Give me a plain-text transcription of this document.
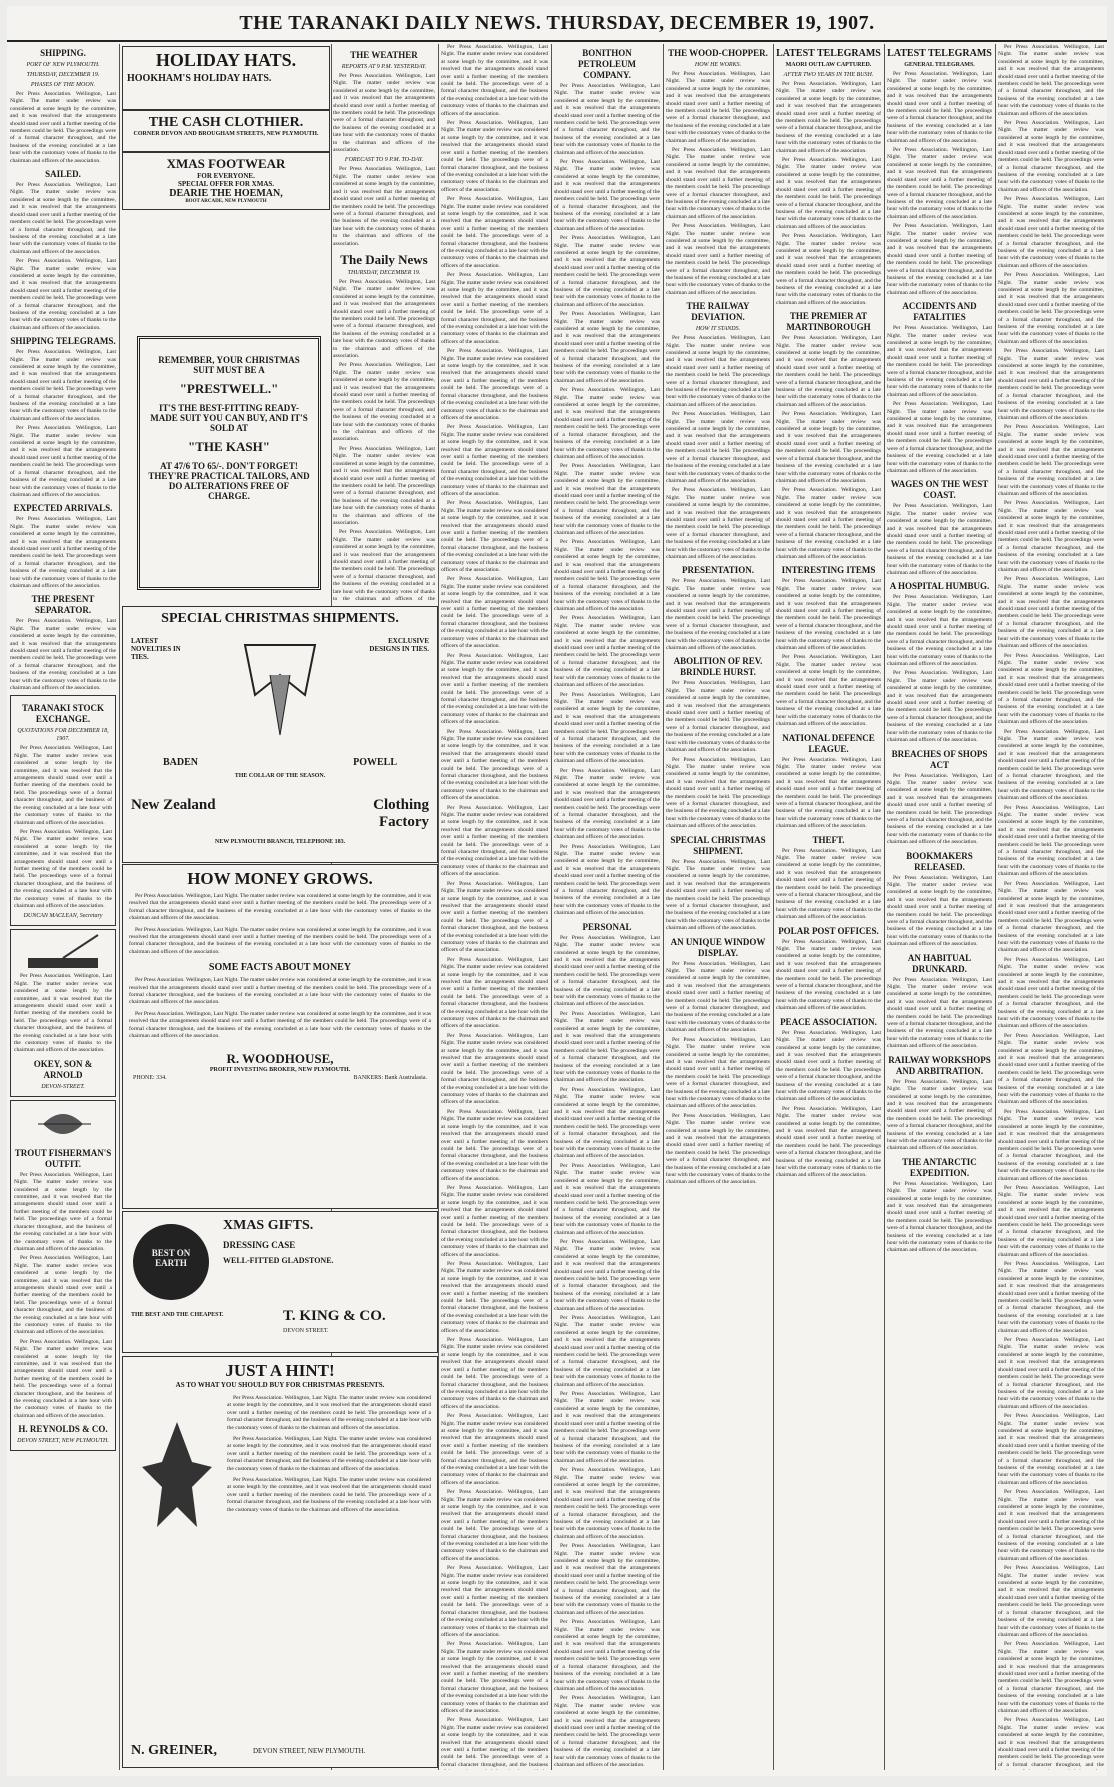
THE TARANAKI DAILY NEWS. THURSDAY, DECEMBER 19, 1907.
SHIPPING.
PORT OF NEW PLYMOUTH.
THURSDAY, DECEMBER 19.
PHASES OF THE MOON.

Per Press Association. Wellington, Last Night. The matter under review was considered at some length by the committee, and it was resolved that the arrangements should stand over until a further meeting of the members could be held. The proceedings were of a formal character throughout, and the business of the evening concluded at a late hour with the customary votes of thanks to the chairman and officers of the association.

SAILED.

Per Press Association. Wellington, Last Night. The matter under review was considered at some length by the committee, and it was resolved that the arrangements should stand over until a further meeting of the members could be held. The proceedings were of a formal character throughout, and the business of the evening concluded at a late hour with the customary votes of thanks to the chairman and officers of the association.

Per Press Association. Wellington, Last Night. The matter under review was considered at some length by the committee, and it was resolved that the arrangements should stand over until a further meeting of the members could be held. The proceedings were of a formal character throughout, and the business of the evening concluded at a late hour with the customary votes of thanks to the chairman and officers of the association.

SHIPPING TELEGRAMS.

Per Press Association. Wellington, Last Night. The matter under review was considered at some length by the committee, and it was resolved that the arrangements should stand over until a further meeting of the members could be held. The proceedings were of a formal character throughout, and the business of the evening concluded at a late hour with the customary votes of thanks to the chairman and officers of the association.

Per Press Association. Wellington, Last Night. The matter under review was considered at some length by the committee, and it was resolved that the arrangements should stand over until a further meeting of the members could be held. The proceedings were of a formal character throughout, and the business of the evening concluded at a late hour with the customary votes of thanks to the chairman and officers of the association.

EXPECTED ARRIVALS.

Per Press Association. Wellington, Last Night. The matter under review was considered at some length by the committee, and it was resolved that the arrangements should stand over until a further meeting of the members could be held. The proceedings were of a formal character throughout, and the business of the evening concluded at a late hour with the customary votes of thanks to the chairman and officers of the association.

THE PRESENT SEPARATOR.

Per Press Association. Wellington, Last Night. The matter under review was considered at some length by the committee, and it was resolved that the arrangements should stand over until a further meeting of the members could be held. The proceedings were of a formal character throughout, and the business of the evening concluded at a late hour with the customary votes of thanks to the chairman and officers of the association.

TARANAKI STOCK EXCHANGE.
QUOTATIONS FOR DECEMBER 18, 1907.

Per Press Association. Wellington, Last Night. The matter under review was considered at some length by the committee, and it was resolved that the arrangements should stand over until a further meeting of the members could be held. The proceedings were of a formal character throughout, and the business of the evening concluded at a late hour with the customary votes of thanks to the chairman and officers of the association.

Per Press Association. Wellington, Last Night. The matter under review was considered at some length by the committee, and it was resolved that the arrangements should stand over until a further meeting of the members could be held. The proceedings were of a formal character throughout, and the business of the evening concluded at a late hour with the customary votes of thanks to the chairman and officers of the association.

DUNCAN MACLEAN, Secretary

Per Press Association. Wellington, Last Night. The matter under review was considered at some length by the committee, and it was resolved that the arrangements should stand over until a further meeting of the members could be held. The proceedings were of a formal character throughout, and the business of the evening concluded at a late hour with the customary votes of thanks to the chairman and officers of the association.

OKEY, SON & ARNOLD
DEVON-STREET.
TROUT FISHERMAN'S OUTFIT.

Per Press Association. Wellington, Last Night. The matter under review was considered at some length by the committee, and it was resolved that the arrangements should stand over until a further meeting of the members could be held. The proceedings were of a formal character throughout, and the business of the evening concluded at a late hour with the customary votes of thanks to the chairman and officers of the association.

Per Press Association. Wellington, Last Night. The matter under review was considered at some length by the committee, and it was resolved that the arrangements should stand over until a further meeting of the members could be held. The proceedings were of a formal character throughout, and the business of the evening concluded at a late hour with the customary votes of thanks to the chairman and officers of the association.

Per Press Association. Wellington, Last Night. The matter under review was considered at some length by the committee, and it was resolved that the arrangements should stand over until a further meeting of the members could be held. The proceedings were of a formal character throughout, and the business of the evening concluded at a late hour with the customary votes of thanks to the chairman and officers of the association.

H. REYNOLDS & CO.
DEVON STREET, NEW PLYMOUTH.
HOLIDAY HATS.
HOOKHAM'S HOLIDAY HATS.
THE CASH CLOTHIER.
CORNER DEVON AND BROUGHAM STREETS, NEW PLYMOUTH.
XMAS FOOTWEAR
FOR EVERYONE.
SPECIAL OFFER FOR XMAS.
DEARIE THE HOEMAN,
BOOT ARCADE, NEW PLYMOUTH
REMEMBER, YOUR CHRISTMAS SUIT MUST BE A
"PRESTWELL."
IT'S THE BEST-FITTING READY-MADE SUIT YOU CAN BUY, AND IT'S SOLD AT
"THE KASH"
AT 47/6 TO 65/-. DON'T FORGET! THEY'RE PRACTICAL TAILORS, AND DO ALTERATIONS FREE OF CHARGE.
SPECIAL CHRISTMAS SHIPMENTS.
LATEST NOVELTIES IN TIES.
EXCLUSIVE DESIGNS IN TIES.
BADEN	POWELL
THE COLLAR OF THE SEASON.
New Zealand	Clothing Factory
NEW PLYMOUTH BRANCH, TELEPHONE 183.
HOW MONEY GROWS.

Per Press Association. Wellington, Last Night. The matter under review was considered at some length by the committee, and it was resolved that the arrangements should stand over until a further meeting of the members could be held. The proceedings were of a formal character throughout, and the business of the evening concluded at a late hour with the customary votes of thanks to the chairman and officers of the association.

Per Press Association. Wellington, Last Night. The matter under review was considered at some length by the committee, and it was resolved that the arrangements should stand over until a further meeting of the members could be held. The proceedings were of a formal character throughout, and the business of the evening concluded at a late hour with the customary votes of thanks to the chairman and officers of the association.

SOME FACTS ABOUT MONEY

Per Press Association. Wellington, Last Night. The matter under review was considered at some length by the committee, and it was resolved that the arrangements should stand over until a further meeting of the members could be held. The proceedings were of a formal character throughout, and the business of the evening concluded at a late hour with the customary votes of thanks to the chairman and officers of the association.

Per Press Association. Wellington, Last Night. The matter under review was considered at some length by the committee, and it was resolved that the arrangements should stand over until a further meeting of the members could be held. The proceedings were of a formal character throughout, and the business of the evening concluded at a late hour with the customary votes of thanks to the chairman and officers of the association.

R. WOODHOUSE,
PROFIT INVESTING BROKER, NEW PLYMOUTH.
PHONE: 334.	BANKERS: Bank Australasia.
BEST ON EARTH
XMAS GIFTS.
DRESSING CASE
WELL-FITTED GLADSTONE.
THE BEST AND THE CHEAPEST.	T. KING & CO.
DEVON STREET.
JUST A HINT!
AS TO WHAT YOU SHOULD BUY FOR CHRISTMAS PRESENTS.

Per Press Association. Wellington, Last Night. The matter under review was considered at some length by the committee, and it was resolved that the arrangements should stand over until a further meeting of the members could be held. The proceedings were of a formal character throughout, and the business of the evening concluded at a late hour with the customary votes of thanks to the chairman and officers of the association.

Per Press Association. Wellington, Last Night. The matter under review was considered at some length by the committee, and it was resolved that the arrangements should stand over until a further meeting of the members could be held. The proceedings were of a formal character throughout, and the business of the evening concluded at a late hour with the customary votes of thanks to the chairman and officers of the association.

Per Press Association. Wellington, Last Night. The matter under review was considered at some length by the committee, and it was resolved that the arrangements should stand over until a further meeting of the members could be held. The proceedings were of a formal character throughout, and the business of the evening concluded at a late hour with the customary votes of thanks to the chairman and officers of the association.

N. GREINER,	DEVON STREET, NEW PLYMOUTH.
THE WEATHER
REPORTS AT 9 P.M. YESTERDAY.

Per Press Association. Wellington, Last Night. The matter under review was considered at some length by the committee, and it was resolved that the arrangements should stand over until a further meeting of the members could be held. The proceedings were of a formal character throughout, and the business of the evening concluded at a late hour with the customary votes of thanks to the chairman and officers of the association.

FORECAST TO 9 P.M. TO-DAY.

Per Press Association. Wellington, Last Night. The matter under review was considered at some length by the committee, and it was resolved that the arrangements should stand over until a further meeting of the members could be held. The proceedings were of a formal character throughout, and the business of the evening concluded at a late hour with the customary votes of thanks to the chairman and officers of the association.

The Daily News
THURSDAY, DECEMBER 19.

Per Press Association. Wellington, Last Night. The matter under review was considered at some length by the committee, and it was resolved that the arrangements should stand over until a further meeting of the members could be held. The proceedings were of a formal character throughout, and the business of the evening concluded at a late hour with the customary votes of thanks to the chairman and officers of the association.

Per Press Association. Wellington, Last Night. The matter under review was considered at some length by the committee, and it was resolved that the arrangements should stand over until a further meeting of the members could be held. The proceedings were of a formal character throughout, and the business of the evening concluded at a late hour with the customary votes of thanks to the chairman and officers of the association.

Per Press Association. Wellington, Last Night. The matter under review was considered at some length by the committee, and it was resolved that the arrangements should stand over until a further meeting of the members could be held. The proceedings were of a formal character throughout, and the business of the evening concluded at a late hour with the customary votes of thanks to the chairman and officers of the association.

Per Press Association. Wellington, Last Night. The matter under review was considered at some length by the committee, and it was resolved that the arrangements should stand over until a further meeting of the members could be held. The proceedings were of a formal character throughout, and the business of the evening concluded at a late hour with the customary votes of thanks to the chairman and officers of the

Per Press Association. Wellington, Last Night. The matter under review was considered at some length by the committee, and it was resolved that the arrangements should stand over until a further meeting of the members could be held. The proceedings were of a formal character throughout, and the business of the evening concluded at a late hour with the customary votes of thanks to the chairman and officers of the association.

Per Press Association. Wellington, Last Night. The matter under review was considered at some length by the committee, and it was resolved that the arrangements should stand over until a further meeting of the members could be held. The proceedings were of a formal character throughout, and the business of the evening concluded at a late hour with the customary votes of thanks to the chairman and officers of the association.

Per Press Association. Wellington, Last Night. The matter under review was considered at some length by the committee, and it was resolved that the arrangements should stand over until a further meeting of the members could be held. The proceedings were of a formal character throughout, and the business of the evening concluded at a late hour with the customary votes of thanks to the chairman and officers of the association.

Per Press Association. Wellington, Last Night. The matter under review was considered at some length by the committee, and it was resolved that the arrangements should stand over until a further meeting of the members could be held. The proceedings were of a formal character throughout, and the business of the evening concluded at a late hour with the customary votes of thanks to the chairman and officers of the association.

Per Press Association. Wellington, Last Night. The matter under review was considered at some length by the committee, and it was resolved that the arrangements should stand over until a further meeting of the members could be held. The proceedings were of a formal character throughout, and the business of the evening concluded at a late hour with the customary votes of thanks to the chairman and officers of the association.

Per Press Association. Wellington, Last Night. The matter under review was considered at some length by the committee, and it was resolved that the arrangements should stand over until a further meeting of the members could be held. The proceedings were of a formal character throughout, and the business of the evening concluded at a late hour with the customary votes of thanks to the chairman and officers of the association.

Per Press Association. Wellington, Last Night. The matter under review was considered at some length by the committee, and it was resolved that the arrangements should stand over until a further meeting of the members could be held. The proceedings were of a formal character throughout, and the business of the evening concluded at a late hour with the customary votes of thanks to the chairman and officers of the association.

Per Press Association. Wellington, Last Night. The matter under review was considered at some length by the committee, and it was resolved that the arrangements should stand over until a further meeting of the members could be held. The proceedings were of a formal character throughout, and the business of the evening concluded at a late hour with the customary votes of thanks to the chairman and officers of the association.

Per Press Association. Wellington, Last Night. The matter under review was considered at some length by the committee, and it was resolved that the arrangements should stand over until a further meeting of the members could be held. The proceedings were of a formal character throughout, and the business of the evening concluded at a late hour with the customary votes of thanks to the chairman and officers of the association.

Per Press Association. Wellington, Last Night. The matter under review was considered at some length by the committee, and it was resolved that the arrangements should stand over until a further meeting of the members could be held. The proceedings were of a formal character throughout, and the business of the evening concluded at a late hour with the customary votes of thanks to the chairman and officers of the association.

Per Press Association. Wellington, Last Night. The matter under review was considered at some length by the committee, and it was resolved that the arrangements should stand over until a further meeting of the members could be held. The proceedings were of a formal character throughout, and the business of the evening concluded at a late hour with the customary votes of thanks to the chairman and officers of the association.

Per Press Association. Wellington, Last Night. The matter under review was considered at some length by the committee, and it was resolved that the arrangements should stand over until a further meeting of the members could be held. The proceedings were of a formal character throughout, and the business of the evening concluded at a late hour with the customary votes of thanks to the chairman and officers of the association.

Per Press Association. Wellington, Last Night. The matter under review was considered at some length by the committee, and it was resolved that the arrangements should stand over until a further meeting of the members could be held. The proceedings were of a formal character throughout, and the business of the evening concluded at a late hour with the customary votes of thanks to the chairman and officers of the association.

Per Press Association. Wellington, Last Night. The matter under review was considered at some length by the committee, and it was resolved that the arrangements should stand over until a further meeting of the members could be held. The proceedings were of a formal character throughout, and the business of the evening concluded at a late hour with the customary votes of thanks to the chairman and officers of the association.

Per Press Association. Wellington, Last Night. The matter under review was considered at some length by the committee, and it was resolved that the arrangements should stand over until a further meeting of the members could be held. The proceedings were of a formal character throughout, and the business of the evening concluded at a late hour with the customary votes of thanks to the chairman and officers of the association.

Per Press Association. Wellington, Last Night. The matter under review was considered at some length by the committee, and it was resolved that the arrangements should stand over until a further meeting of the members could be held. The proceedings were of a formal character throughout, and the business of the evening concluded at a late hour with the customary votes of thanks to the chairman and officers of the association.

Per Press Association. Wellington, Last Night. The matter under review was considered at some length by the committee, and it was resolved that the arrangements should stand over until a further meeting of the members could be held. The proceedings were of a formal character throughout, and the business of the evening concluded at a late hour with the customary votes of thanks to the chairman and officers of the association.

Per Press Association. Wellington, Last Night. The matter under review was considered at some length by the committee, and it was resolved that the arrangements should stand over until a further meeting of the members could be held. The proceedings were of a formal character throughout, and the business of the evening concluded at a late hour with the customary votes of thanks to the chairman and officers of the association.

Per Press Association. Wellington, Last Night. The matter under review was considered at some length by the committee, and it was resolved that the arrangements should stand over until a further meeting of the members could be held. The proceedings were of a formal character throughout, and the business of the evening concluded at a late hour with the customary votes of thanks to the chairman and officers of the association.

Per Press Association. Wellington, Last Night. The matter under review was considered at some length by the committee, and it was resolved that the arrangements should stand over until a further meeting of the members could be held. The proceedings were of a formal character throughout, and the business of the evening concluded at a late hour with the customary votes of thanks to the chairman and officers of the association.

Per Press Association. Wellington, Last Night. The matter under review was considered at some length by the committee, and it was resolved that the arrangements should stand over until a further meeting of the members could be held. The proceedings were of a formal character throughout, and the business of the evening concluded at a late hour with the customary votes of thanks to the chairman and officers of the association.

Per Press Association. Wellington, Last Night. The matter under review was considered at some length by the committee, and it was resolved that the arrangements should stand over until a further meeting of the members could be held. The proceedings were of a formal character throughout, and the business of the evening concluded at a late hour with the customary votes of thanks to the chairman and officers of the association.

Per Press Association. Wellington, Last Night. The matter under review was considered at some length by the committee, and it was resolved that the arrangements should stand over until a further meeting of the members could be held. The proceedings were of a formal character throughout, and the business

BONITHON PETROLEUM COMPANY.

Per Press Association. Wellington, Last Night. The matter under review was considered at some length by the committee, and it was resolved that the arrangements should stand over until a further meeting of the members could be held. The proceedings were of a formal character throughout, and the business of the evening concluded at a late hour with the customary votes of thanks to the chairman and officers of the association.

Per Press Association. Wellington, Last Night. The matter under review was considered at some length by the committee, and it was resolved that the arrangements should stand over until a further meeting of the members could be held. The proceedings were of a formal character throughout, and the business of the evening concluded at a late hour with the customary votes of thanks to the chairman and officers of the association.

Per Press Association. Wellington, Last Night. The matter under review was considered at some length by the committee, and it was resolved that the arrangements should stand over until a further meeting of the members could be held. The proceedings were of a formal character throughout, and the business of the evening concluded at a late hour with the customary votes of thanks to the chairman and officers of the association.

Per Press Association. Wellington, Last Night. The matter under review was considered at some length by the committee, and it was resolved that the arrangements should stand over until a further meeting of the members could be held. The proceedings were of a formal character throughout, and the business of the evening concluded at a late hour with the customary votes of thanks to the chairman and officers of the association.

Per Press Association. Wellington, Last Night. The matter under review was considered at some length by the committee, and it was resolved that the arrangements should stand over until a further meeting of the members could be held. The proceedings were of a formal character throughout, and the business of the evening concluded at a late hour with the customary votes of thanks to the chairman and officers of the association.

Per Press Association. Wellington, Last Night. The matter under review was considered at some length by the committee, and it was resolved that the arrangements should stand over until a further meeting of the members could be held. The proceedings were of a formal character throughout, and the business of the evening concluded at a late hour with the customary votes of thanks to the chairman and officers of the association.

Per Press Association. Wellington, Last Night. The matter under review was considered at some length by the committee, and it was resolved that the arrangements should stand over until a further meeting of the members could be held. The proceedings were of a formal character throughout, and the business of the evening concluded at a late hour with the customary votes of thanks to the chairman and officers of the association.

Per Press Association. Wellington, Last Night. The matter under review was considered at some length by the committee, and it was resolved that the arrangements should stand over until a further meeting of the members could be held. The proceedings were of a formal character throughout, and the business of the evening concluded at a late hour with the customary votes of thanks to the chairman and officers of the association.

Per Press Association. Wellington, Last Night. The matter under review was considered at some length by the committee, and it was resolved that the arrangements should stand over until a further meeting of the members could be held. The proceedings were of a formal character throughout, and the business of the evening concluded at a late hour with the customary votes of thanks to the chairman and officers of the association.

Per Press Association. Wellington, Last Night. The matter under review was considered at some length by the committee, and it was resolved that the arrangements should stand over until a further meeting of the members could be held. The proceedings were of a formal character throughout, and the business of the evening concluded at a late hour with the customary votes of thanks to the chairman and officers of the association.

Per Press Association. Wellington, Last Night. The matter under review was considered at some length by the committee, and it was resolved that the arrangements should stand over until a further meeting of the members could be held. The proceedings were of a formal character throughout, and the business of the evening concluded at a late hour with the customary votes of thanks to the chairman and officers of the association.

PERSONAL

Per Press Association. Wellington, Last Night. The matter under review was considered at some length by the committee, and it was resolved that the arrangements should stand over until a further meeting of the members could be held. The proceedings were of a formal character throughout, and the business of the evening concluded at a late hour with the customary votes of thanks to the chairman and officers of the association.

Per Press Association. Wellington, Last Night. The matter under review was considered at some length by the committee, and it was resolved that the arrangements should stand over until a further meeting of the members could be held. The proceedings were of a formal character throughout, and the business of the evening concluded at a late hour with the customary votes of thanks to the chairman and officers of the association.

Per Press Association. Wellington, Last Night. The matter under review was considered at some length by the committee, and it was resolved that the arrangements should stand over until a further meeting of the members could be held. The proceedings were of a formal character throughout, and the business of the evening concluded at a late hour with the customary votes of thanks to the chairman and officers of the association.

Per Press Association. Wellington, Last Night. The matter under review was considered at some length by the committee, and it was resolved that the arrangements should stand over until a further meeting of the members could be held. The proceedings were of a formal character throughout, and the business of the evening concluded at a late hour with the customary votes of thanks to the chairman and officers of the association.

Per Press Association. Wellington, Last Night. The matter under review was considered at some length by the committee, and it was resolved that the arrangements should stand over until a further meeting of the members could be held. The proceedings were of a formal character throughout, and the business of the evening concluded at a late hour with the customary votes of thanks to the chairman and officers of the association.

Per Press Association. Wellington, Last Night. The matter under review was considered at some length by the committee, and it was resolved that the arrangements should stand over until a further meeting of the members could be held. The proceedings were of a formal character throughout, and the business of the evening concluded at a late hour with the customary votes of thanks to the chairman and officers of the association.

Per Press Association. Wellington, Last Night. The matter under review was considered at some length by the committee, and it was resolved that the arrangements should stand over until a further meeting of the members could be held. The proceedings were of a formal character throughout, and the business of the evening concluded at a late hour with the customary votes of thanks to the chairman and officers of the association.

Per Press Association. Wellington, Last Night. The matter under review was considered at some length by the committee, and it was resolved that the arrangements should stand over until a further meeting of the members could be held. The proceedings were of a formal character throughout, and the business of the evening concluded at a late hour with the customary votes of thanks to the chairman and officers of the association.

Per Press Association. Wellington, Last Night. The matter under review was considered at some length by the committee, and it was resolved that the arrangements should stand over until a further meeting of the members could be held. The proceedings were of a formal character throughout, and the business of the evening concluded at a late hour with the customary votes of thanks to the chairman and officers of the association.

Per Press Association. Wellington, Last Night. The matter under review was considered at some length by the committee, and it was resolved that the arrangements should stand over until a further meeting of the members could be held. The proceedings were of a formal character throughout, and the business of the evening concluded at a late hour with the customary votes of thanks to the chairman and officers of the association.

Per Press Association. Wellington, Last Night. The matter under review was considered at some length by the committee, and it was resolved that the arrangements should stand over until a further meeting of the members could be held. The proceedings were of a formal character throughout, and the business of the evening concluded at a late hour with the customary votes of thanks to the chairman and officers of the association.

THE WOOD-CHOPPER.
HOW HE WORKS.

Per Press Association. Wellington, Last Night. The matter under review was considered at some length by the committee, and it was resolved that the arrangements should stand over until a further meeting of the members could be held. The proceedings were of a formal character throughout, and the business of the evening concluded at a late hour with the customary votes of thanks to the chairman and officers of the association.

Per Press Association. Wellington, Last Night. The matter under review was considered at some length by the committee, and it was resolved that the arrangements should stand over until a further meeting of the members could be held. The proceedings were of a formal character throughout, and the business of the evening concluded at a late hour with the customary votes of thanks to the chairman and officers of the association.

Per Press Association. Wellington, Last Night. The matter under review was considered at some length by the committee, and it was resolved that the arrangements should stand over until a further meeting of the members could be held. The proceedings were of a formal character throughout, and the business of the evening concluded at a late hour with the customary votes of thanks to the chairman and officers of the association.

THE RAILWAY DEVIATION.
HOW IT STANDS.

Per Press Association. Wellington, Last Night. The matter under review was considered at some length by the committee, and it was resolved that the arrangements should stand over until a further meeting of the members could be held. The proceedings were of a formal character throughout, and the business of the evening concluded at a late hour with the customary votes of thanks to the chairman and officers of the association.

Per Press Association. Wellington, Last Night. The matter under review was considered at some length by the committee, and it was resolved that the arrangements should stand over until a further meeting of the members could be held. The proceedings were of a formal character throughout, and the business of the evening concluded at a late hour with the customary votes of thanks to the chairman and officers of the association.

Per Press Association. Wellington, Last Night. The matter under review was considered at some length by the committee, and it was resolved that the arrangements should stand over until a further meeting of the members could be held. The proceedings were of a formal character throughout, and the business of the evening concluded at a late hour with the customary votes of thanks to the chairman and officers of the association.

PRESENTATION.

Per Press Association. Wellington, Last Night. The matter under review was considered at some length by the committee, and it was resolved that the arrangements should stand over until a further meeting of the members could be held. The proceedings were of a formal character throughout, and the business of the evening concluded at a late hour with the customary votes of thanks to the chairman and officers of the association.

ABOLITION OF REV. BRINDLE HURST.

Per Press Association. Wellington, Last Night. The matter under review was considered at some length by the committee, and it was resolved that the arrangements should stand over until a further meeting of the members could be held. The proceedings were of a formal character throughout, and the business of the evening concluded at a late hour with the customary votes of thanks to the chairman and officers of the association.

Per Press Association. Wellington, Last Night. The matter under review was considered at some length by the committee, and it was resolved that the arrangements should stand over until a further meeting of the members could be held. The proceedings were of a formal character throughout, and the business of the evening concluded at a late hour with the customary votes of thanks to the chairman and officers of the association.

SPECIAL CHRISTMAS SHIPMENT.

Per Press Association. Wellington, Last Night. The matter under review was considered at some length by the committee, and it was resolved that the arrangements should stand over until a further meeting of the members could be held. The proceedings were of a formal character throughout, and the business of the evening concluded at a late hour with the customary votes of thanks to the chairman and officers of the association.

AN UNIQUE WINDOW DISPLAY.

Per Press Association. Wellington, Last Night. The matter under review was considered at some length by the committee, and it was resolved that the arrangements should stand over until a further meeting of the members could be held. The proceedings were of a formal character throughout, and the business of the evening concluded at a late hour with the customary votes of thanks to the chairman and officers of the association.

Per Press Association. Wellington, Last Night. The matter under review was considered at some length by the committee, and it was resolved that the arrangements should stand over until a further meeting of the members could be held. The proceedings were of a formal character throughout, and the business of the evening concluded at a late hour with the customary votes of thanks to the chairman and officers of the association.

Per Press Association. Wellington, Last Night. The matter under review was considered at some length by the committee, and it was resolved that the arrangements should stand over until a further meeting of the members could be held. The proceedings were of a formal character throughout, and the business of the evening concluded at a late hour with the customary votes of thanks to the chairman and officers of the association.

LATEST TELEGRAMS
MAORI OUTLAW CAPTURED.
AFTER TWO YEARS IN THE BUSH.

Per Press Association. Wellington, Last Night. The matter under review was considered at some length by the committee, and it was resolved that the arrangements should stand over until a further meeting of the members could be held. The proceedings were of a formal character throughout, and the business of the evening concluded at a late hour with the customary votes of thanks to the chairman and officers of the association.

Per Press Association. Wellington, Last Night. The matter under review was considered at some length by the committee, and it was resolved that the arrangements should stand over until a further meeting of the members could be held. The proceedings were of a formal character throughout, and the business of the evening concluded at a late hour with the customary votes of thanks to the chairman and officers of the association.

Per Press Association. Wellington, Last Night. The matter under review was considered at some length by the committee, and it was resolved that the arrangements should stand over until a further meeting of the members could be held. The proceedings were of a formal character throughout, and the business of the evening concluded at a late hour with the customary votes of thanks to the chairman and officers of the association.

THE PREMIER AT MARTINBOROUGH

Per Press Association. Wellington, Last Night. The matter under review was considered at some length by the committee, and it was resolved that the arrangements should stand over until a further meeting of the members could be held. The proceedings were of a formal character throughout, and the business of the evening concluded at a late hour with the customary votes of thanks to the chairman and officers of the association.

Per Press Association. Wellington, Last Night. The matter under review was considered at some length by the committee, and it was resolved that the arrangements should stand over until a further meeting of the members could be held. The proceedings were of a formal character throughout, and the business of the evening concluded at a late hour with the customary votes of thanks to the chairman and officers of the association.

Per Press Association. Wellington, Last Night. The matter under review was considered at some length by the committee, and it was resolved that the arrangements should stand over until a further meeting of the members could be held. The proceedings were of a formal character throughout, and the business of the evening concluded at a late hour with the customary votes of thanks to the chairman and officers of the association.

INTERESTING ITEMS

Per Press Association. Wellington, Last Night. The matter under review was considered at some length by the committee, and it was resolved that the arrangements should stand over until a further meeting of the members could be held. The proceedings were of a formal character throughout, and the business of the evening concluded at a late hour with the customary votes of thanks to the chairman and officers of the association.

Per Press Association. Wellington, Last Night. The matter under review was considered at some length by the committee, and it was resolved that the arrangements should stand over until a further meeting of the members could be held. The proceedings were of a formal character throughout, and the business of the evening concluded at a late hour with the customary votes of thanks to the chairman and officers of the association.

NATIONAL DEFENCE LEAGUE.

Per Press Association. Wellington, Last Night. The matter under review was considered at some length by the committee, and it was resolved that the arrangements should stand over until a further meeting of the members could be held. The proceedings were of a formal character throughout, and the business of the evening concluded at a late hour with the customary votes of thanks to the chairman and officers of the association.

THEFT.

Per Press Association. Wellington, Last Night. The matter under review was considered at some length by the committee, and it was resolved that the arrangements should stand over until a further meeting of the members could be held. The proceedings were of a formal character throughout, and the business of the evening concluded at a late hour with the customary votes of thanks to the chairman and officers of the association.

POLAR POST OFFICES.

Per Press Association. Wellington, Last Night. The matter under review was considered at some length by the committee, and it was resolved that the arrangements should stand over until a further meeting of the members could be held. The proceedings were of a formal character throughout, and the business of the evening concluded at a late hour with the customary votes of thanks to the chairman and officers of the association.

PEACE ASSOCIATION.

Per Press Association. Wellington, Last Night. The matter under review was considered at some length by the committee, and it was resolved that the arrangements should stand over until a further meeting of the members could be held. The proceedings were of a formal character throughout, and the business of the evening concluded at a late hour with the customary votes of thanks to the chairman and officers of the association.

Per Press Association. Wellington, Last Night. The matter under review was considered at some length by the committee, and it was resolved that the arrangements should stand over until a further meeting of the members could be held. The proceedings were of a formal character throughout, and the business of the evening concluded at a late hour with the customary votes of thanks to the chairman and officers of the association.

LATEST TELEGRAMS
GENERAL TELEGRAMS.

Per Press Association. Wellington, Last Night. The matter under review was considered at some length by the committee, and it was resolved that the arrangements should stand over until a further meeting of the members could be held. The proceedings were of a formal character throughout, and the business of the evening concluded at a late hour with the customary votes of thanks to the chairman and officers of the association.

Per Press Association. Wellington, Last Night. The matter under review was considered at some length by the committee, and it was resolved that the arrangements should stand over until a further meeting of the members could be held. The proceedings were of a formal character throughout, and the business of the evening concluded at a late hour with the customary votes of thanks to the chairman and officers of the association.

Per Press Association. Wellington, Last Night. The matter under review was considered at some length by the committee, and it was resolved that the arrangements should stand over until a further meeting of the members could be held. The proceedings were of a formal character throughout, and the business of the evening concluded at a late hour with the customary votes of thanks to the chairman and officers of the association.

ACCIDENTS AND FATALITIES

Per Press Association. Wellington, Last Night. The matter under review was considered at some length by the committee, and it was resolved that the arrangements should stand over until a further meeting of the members could be held. The proceedings were of a formal character throughout, and the business of the evening concluded at a late hour with the customary votes of thanks to the chairman and officers of the association.

Per Press Association. Wellington, Last Night. The matter under review was considered at some length by the committee, and it was resolved that the arrangements should stand over until a further meeting of the members could be held. The proceedings were of a formal character throughout, and the business of the evening concluded at a late hour with the customary votes of thanks to the chairman and officers of the association.

WAGES ON THE WEST COAST.

Per Press Association. Wellington, Last Night. The matter under review was considered at some length by the committee, and it was resolved that the arrangements should stand over until a further meeting of the members could be held. The proceedings were of a formal character throughout, and the business of the evening concluded at a late hour with the customary votes of thanks to the chairman and officers of the association.

A HOSPITAL HUMBUG.

Per Press Association. Wellington, Last Night. The matter under review was considered at some length by the committee, and it was resolved that the arrangements should stand over until a further meeting of the members could be held. The proceedings were of a formal character throughout, and the business of the evening concluded at a late hour with the customary votes of thanks to the chairman and officers of the association.

Per Press Association. Wellington, Last Night. The matter under review was considered at some length by the committee, and it was resolved that the arrangements should stand over until a further meeting of the members could be held. The proceedings were of a formal character throughout, and the business of the evening concluded at a late hour with the customary votes of thanks to the chairman and officers of the association.

BREACHES OF SHOPS ACT

Per Press Association. Wellington, Last Night. The matter under review was considered at some length by the committee, and it was resolved that the arrangements should stand over until a further meeting of the members could be held. The proceedings were of a formal character throughout, and the business of the evening concluded at a late hour with the customary votes of thanks to the chairman and officers of the association.

BOOKMAKERS RELEASED.

Per Press Association. Wellington, Last Night. The matter under review was considered at some length by the committee, and it was resolved that the arrangements should stand over until a further meeting of the members could be held. The proceedings were of a formal character throughout, and the business of the evening concluded at a late hour with the customary votes of thanks to the chairman and officers of the association.

AN HABITUAL DRUNKARD.

Per Press Association. Wellington, Last Night. The matter under review was considered at some length by the committee, and it was resolved that the arrangements should stand over until a further meeting of the members could be held. The proceedings were of a formal character throughout, and the business of the evening concluded at a late hour with the customary votes of thanks to the chairman and officers of the association.

RAILWAY WORKSHOPS AND ARBITRATION.

Per Press Association. Wellington, Last Night. The matter under review was considered at some length by the committee, and it was resolved that the arrangements should stand over until a further meeting of the members could be held. The proceedings were of a formal character throughout, and the business of the evening concluded at a late hour with the customary votes of thanks to the chairman and officers of the association.

THE ANTARCTIC EXPEDITION.

Per Press Association. Wellington, Last Night. The matter under review was considered at some length by the committee, and it was resolved that the arrangements should stand over until a further meeting of the members could be held. The proceedings were of a formal character throughout, and the business of the evening concluded at a late hour with the customary votes of thanks to the chairman and officers of the association.

Per Press Association. Wellington, Last Night. The matter under review was considered at some length by the committee, and it was resolved that the arrangements should stand over until a further meeting of the members could be held. The proceedings were of a formal character throughout, and the business of the evening concluded at a late hour with the customary votes of thanks to the chairman and officers of the association.

Per Press Association. Wellington, Last Night. The matter under review was considered at some length by the committee, and it was resolved that the arrangements should stand over until a further meeting of the members could be held. The proceedings were of a formal character throughout, and the business of the evening concluded at a late hour with the customary votes of thanks to the chairman and officers of the association.

Per Press Association. Wellington, Last Night. The matter under review was considered at some length by the committee, and it was resolved that the arrangements should stand over until a further meeting of the members could be held. The proceedings were of a formal character throughout, and the business of the evening concluded at a late hour with the customary votes of thanks to the chairman and officers of the association.

Per Press Association. Wellington, Last Night. The matter under review was considered at some length by the committee, and it was resolved that the arrangements should stand over until a further meeting of the members could be held. The proceedings were of a formal character throughout, and the business of the evening concluded at a late hour with the customary votes of thanks to the chairman and officers of the association.

Per Press Association. Wellington, Last Night. The matter under review was considered at some length by the committee, and it was resolved that the arrangements should stand over until a further meeting of the members could be held. The proceedings were of a formal character throughout, and the business of the evening concluded at a late hour with the customary votes of thanks to the chairman and officers of the association.

Per Press Association. Wellington, Last Night. The matter under review was considered at some length by the committee, and it was resolved that the arrangements should stand over until a further meeting of the members could be held. The proceedings were of a formal character throughout, and the business of the evening concluded at a late hour with the customary votes of thanks to the chairman and officers of the association.

Per Press Association. Wellington, Last Night. The matter under review was considered at some length by the committee, and it was resolved that the arrangements should stand over until a further meeting of the members could be held. The proceedings were of a formal character throughout, and the business of the evening concluded at a late hour with the customary votes of thanks to the chairman and officers of the association.

Per Press Association. Wellington, Last Night. The matter under review was considered at some length by the committee, and it was resolved that the arrangements should stand over until a further meeting of the members could be held. The proceedings were of a formal character throughout, and the business of the evening concluded at a late hour with the customary votes of thanks to the chairman and officers of the association.

Per Press Association. Wellington, Last Night. The matter under review was considered at some length by the committee, and it was resolved that the arrangements should stand over until a further meeting of the members could be held. The proceedings were of a formal character throughout, and the business of the evening concluded at a late hour with the customary votes of thanks to the chairman and officers of the association.

Per Press Association. Wellington, Last Night. The matter under review was considered at some length by the committee, and it was resolved that the arrangements should stand over until a further meeting of the members could be held. The proceedings were of a formal character throughout, and the business of the evening concluded at a late hour with the customary votes of thanks to the chairman and officers of the association.

Per Press Association. Wellington, Last Night. The matter under review was considered at some length by the committee, and it was resolved that the arrangements should stand over until a further meeting of the members could be held. The proceedings were of a formal character throughout, and the business of the evening concluded at a late hour with the customary votes of thanks to the chairman and officers of the association.

Per Press Association. Wellington, Last Night. The matter under review was considered at some length by the committee, and it was resolved that the arrangements should stand over until a further meeting of the members could be held. The proceedings were of a formal character throughout, and the business of the evening concluded at a late hour with the customary votes of thanks to the chairman and officers of the association.

Per Press Association. Wellington, Last Night. The matter under review was considered at some length by the committee, and it was resolved that the arrangements should stand over until a further meeting of the members could be held. The proceedings were of a formal character throughout, and the business of the evening concluded at a late hour with the customary votes of thanks to the chairman and officers of the association.

Per Press Association. Wellington, Last Night. The matter under review was considered at some length by the committee, and it was resolved that the arrangements should stand over until a further meeting of the members could be held. The proceedings were of a formal character throughout, and the business of the evening concluded at a late hour with the customary votes of thanks to the chairman and officers of the association.

Per Press Association. Wellington, Last Night. The matter under review was considered at some length by the committee, and it was resolved that the arrangements should stand over until a further meeting of the members could be held. The proceedings were of a formal character throughout, and the business of the evening concluded at a late hour with the customary votes of thanks to the chairman and officers of the association.

Per Press Association. Wellington, Last Night. The matter under review was considered at some length by the committee, and it was resolved that the arrangements should stand over until a further meeting of the members could be held. The proceedings were of a formal character throughout, and the business of the evening concluded at a late hour with the customary votes of thanks to the chairman and officers of the association.

Per Press Association. Wellington, Last Night. The matter under review was considered at some length by the committee, and it was resolved that the arrangements should stand over until a further meeting of the members could be held. The proceedings were of a formal character throughout, and the business of the evening concluded at a late hour with the customary votes of thanks to the chairman and officers of the association.

Per Press Association. Wellington, Last Night. The matter under review was considered at some length by the committee, and it was resolved that the arrangements should stand over until a further meeting of the members could be held. The proceedings were of a formal character throughout, and the business of the evening concluded at a late hour with the customary votes of thanks to the chairman and officers of the association.

Per Press Association. Wellington, Last Night. The matter under review was considered at some length by the committee, and it was resolved that the arrangements should stand over until a further meeting of the members could be held. The proceedings were of a formal character throughout, and the business of the evening concluded at a late hour with the customary votes of thanks to the chairman and officers of the association.

Per Press Association. Wellington, Last Night. The matter under review was considered at some length by the committee, and it was resolved that the arrangements should stand over until a further meeting of the members could be held. The proceedings were of a formal character throughout, and the business of the evening concluded at a late hour with the customary votes of thanks to the chairman and officers of the association.

Per Press Association. Wellington, Last Night. The matter under review was considered at some length by the committee, and it was resolved that the arrangements should stand over until a further meeting of the members could be held. The proceedings were of a formal character throughout, and the business of the evening concluded at a late hour with the customary votes of thanks to the chairman and officers of the association.

Per Press Association. Wellington, Last Night. The matter under review was considered at some length by the committee, and it was resolved that the arrangements should stand over until a further meeting of the members could be held. The proceedings were of a formal character throughout, and the business of the evening concluded at a late hour with the customary votes of thanks to the chairman and officers of the association.

Per Press Association. Wellington, Last Night. The matter under review was considered at some length by the committee, and it was resolved that the arrangements should stand over until a further meeting of the members could be held. The proceedings were of a formal character throughout, and the
